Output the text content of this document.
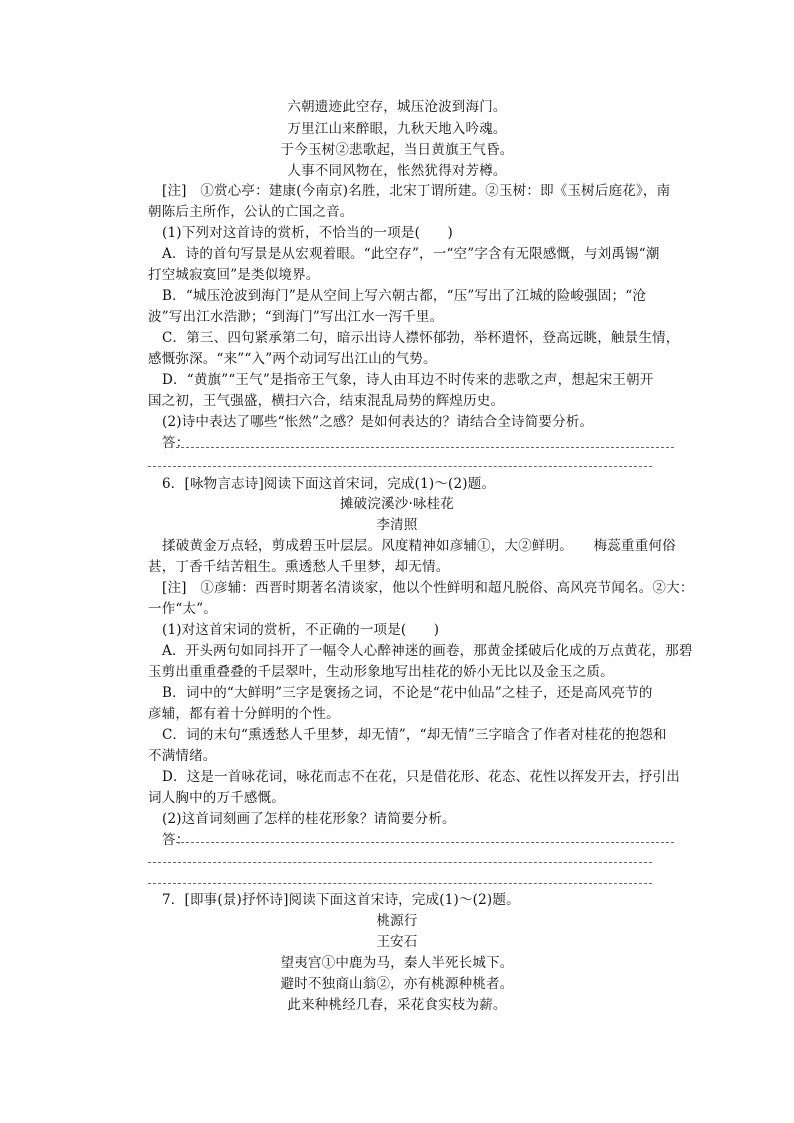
六朝遗迹此空存，城压沧波到海门。
万里江山来醉眼，九秋天地入吟魂。
于今玉树②悲歌起，当日黄旗王气昏。
人事不同风物在，怅然犹得对芳樽。
[注]　①赏心亭：建康(今南京)名胜，北宋丁谓所建。②玉树：即《玉树后庭花》，南
朝陈后主所作，公认的亡国之音。
(1)下列对这首诗的赏析，不恰当的一项是(　　)
A．诗的首句写景是从宏观着眼。“此空存”，一“空”字含有无限感慨，与刘禹锡“潮
打空城寂寞回”是类似境界。
B．“城压沧波到海门”是从空间上写六朝古都，“压”写出了江城的险峻强固；“沧
波”写出江水浩渺；“到海门”写出江水一泻千里。
C．第三、四句紧承第二句，暗示出诗人襟怀郁勃，举杯遣怀，登高远眺，触景生情，
感慨弥深。“来”“入”两个动词写出江山的气势。
D．“黄旗”“王气”是指帝王气象，诗人由耳边不时传来的悲歌之声，想起宋王朝开
国之初，王气强盛，横扫六合，结束混乱局势的辉煌历史。
(2)诗中表达了哪些“怅然”之感？是如何表达的？请结合全诗简要分析。
答：
6．[咏物言志诗]阅读下面这首宋词，完成(1)～(2)题。
摊破浣溪沙·咏桂花
李清照
揉破黄金万点轻，剪成碧玉叶层层。风度精神如彦辅①，大②鲜明。　　梅蕊重重何俗
甚，丁香千结苦粗生。熏透愁人千里梦，却无情。
[注]　①彦辅：西晋时期著名清谈家，他以个性鲜明和超凡脱俗、高风亮节闻名。②大：
一作“太”。
(1)对这首宋词的赏析，不正确的一项是(　　)
A．开头两句如同抖开了一幅令人心醉神迷的画卷，那黄金揉破后化成的万点黄花，那碧
玉剪出重重叠叠的千层翠叶，生动形象地写出桂花的娇小无比以及金玉之质。
B．词中的“大鲜明”三字是褒扬之词，不论是“花中仙品”之桂子，还是高风亮节的
彦辅，都有着十分鲜明的个性。
C．词的末句“熏透愁人千里梦，却无情”，“却无情”三字暗含了作者对桂花的抱怨和
不满情绪。
D．这是一首咏花词，咏花而志不在花，只是借花形、花态、花性以挥发开去，抒引出
词人胸中的万千感慨。
(2)这首词刻画了怎样的桂花形象？请简要分析。
答：
7．[即事(景)抒怀诗]阅读下面这首宋诗，完成(1)～(2)题。
桃源行
王安石
望夷宫①中鹿为马，秦人半死长城下。
避时不独商山翁②，亦有桃源种桃者。
此来种桃经几春，采花食实枝为薪。
